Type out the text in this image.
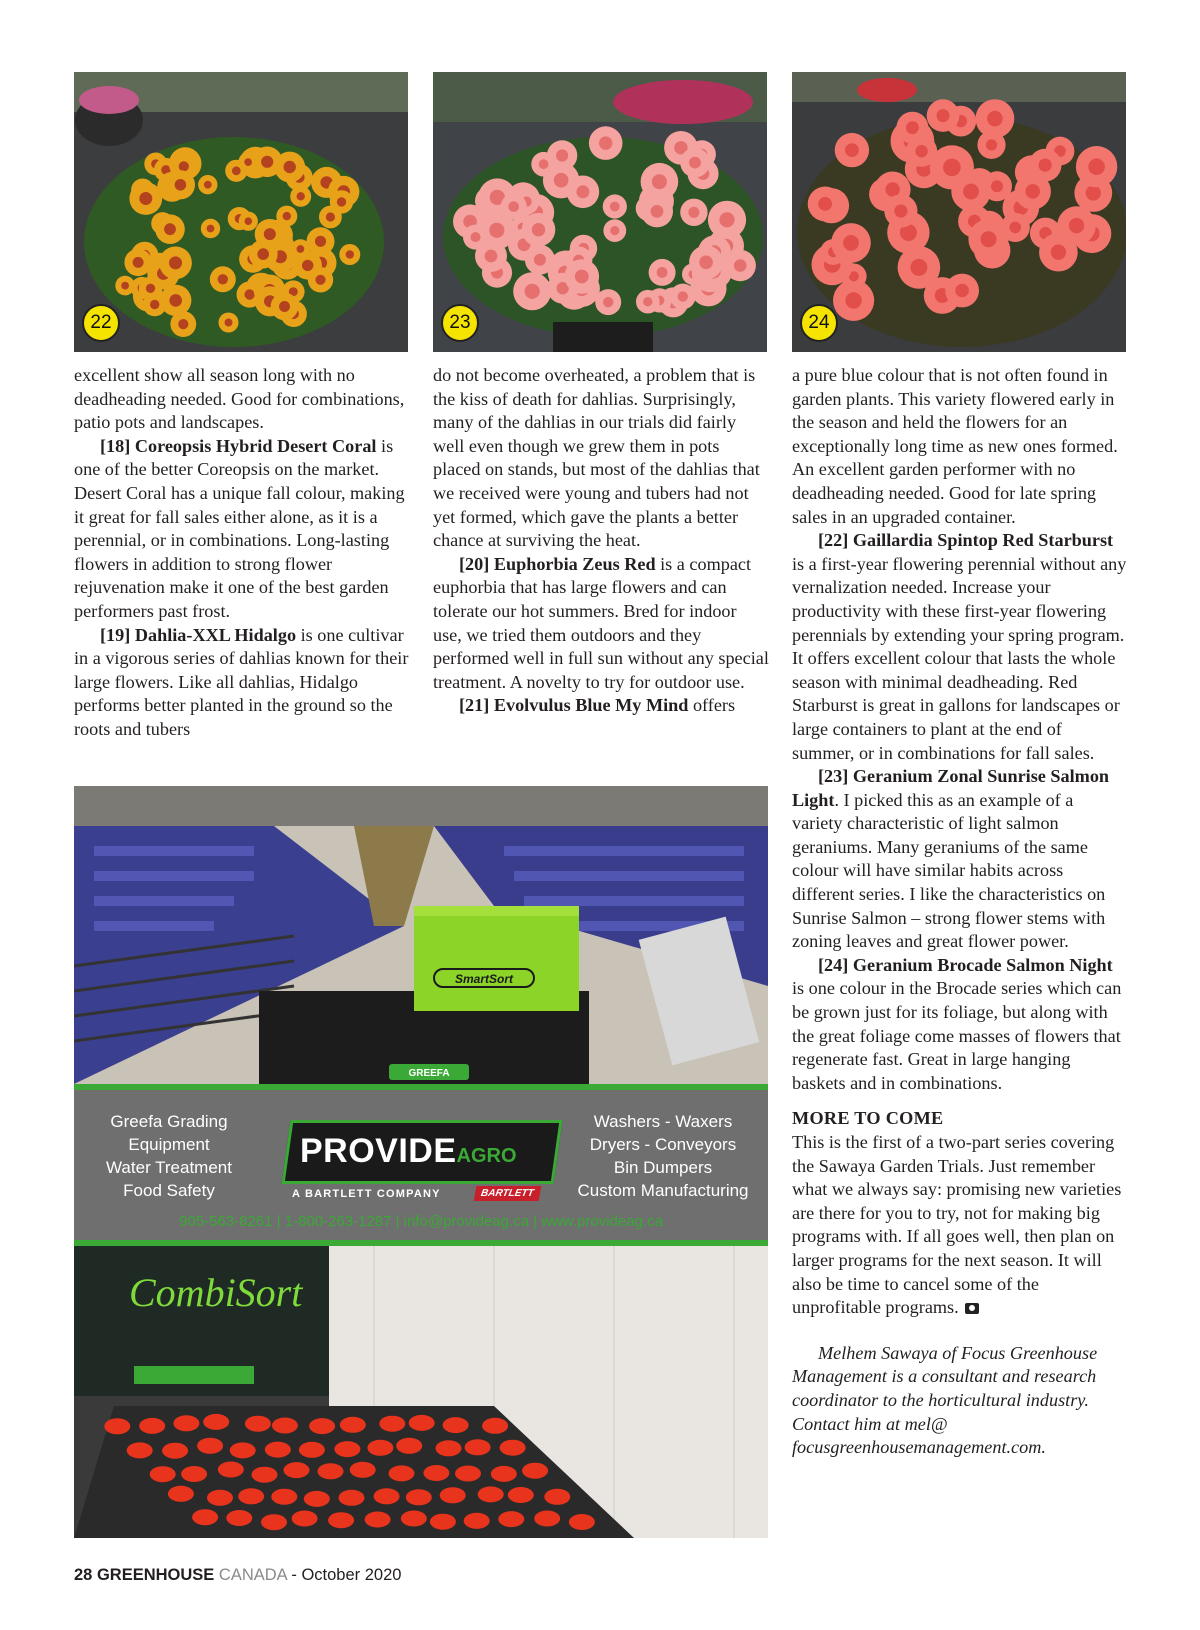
22	23	24

excellent show all season long with no deadheading needed. Good for combinations, patio pots and landscapes.

[18] Coreopsis Hybrid Desert Coral is one of the better Coreopsis on the market. Desert Coral has a unique fall colour, making it great for fall sales either alone, as it is a perennial, or in combinations. Long-lasting flowers in addition to strong flower rejuvenation make it one of the best garden performers past frost.

[19] Dahlia-XXL Hidalgo is one cultivar in a vigorous series of dahlias known for their large flowers. Like all dahlias, Hidalgo performs better planted in the ground so the roots and tubers

do not become overheated, a problem that is the kiss of death for dahlias. Surprisingly, many of the dahlias in our trials did fairly well even though we grew them in pots placed on stands, but most of the dahlias that we received were young and tubers had not yet formed, which gave the plants a better chance at surviving the heat.

[20] Euphorbia Zeus Red is a compact euphorbia that has large flowers and can tolerate our hot summers. Bred for indoor use, we tried them outdoors and they performed well in full sun without any special treatment. A novelty to try for outdoor use.

[21] Evolvulus Blue My Mind offers

a pure blue colour that is not often found in garden plants. This variety flowered early in the season and held the flowers for an exceptionally long time as new ones formed. An excellent garden performer with no deadheading needed. Good for late spring sales in an upgraded container.

[22] Gaillardia Spintop Red Starburst is a first-year flowering perennial without any vernalization needed. Increase your productivity with these first-year flowering perennials by extending your spring program. It offers excellent colour that lasts the whole season with minimal deadheading. Red Starburst is great in gallons for landscapes or large containers to plant at the end of summer, or in combinations for fall sales.

[23] Geranium Zonal Sunrise Salmon Light. I picked this as an example of a variety characteristic of light salmon geraniums. Many geraniums of the same colour will have similar habits across different series. I like the characteristics on Sunrise Salmon – strong flower stems with zoning leaves and great flower power.

[24] Geranium Brocade Salmon Night is one colour in the Brocade series which can be grown just for its foliage, but along with the great foliage come masses of flowers that regenerate fast. Great in large hanging baskets and in combinations.

MORE TO COME

This is the first of a two-part series covering the Sawaya Garden Trials. Just remember what we always say: promising new varieties are there for you to try, not for making big programs with. If all goes well, then plan on larger programs for the next season. It will also be time to cancel some of the unprofitable programs.

Melhem Sawaya of Focus Greenhouse Management is a consultant and research coordinator to the horticultural industry. Contact him at mel@ focusgreenhousemanagement.com.

SmartSort
GREEFA
Greefa Grading
Equipment
Water Treatment
Food Safety
PROVIDEAGRO
A BARTLETT COMPANY	BARTLETT
Washers - Waxers
Dryers - Conveyors
Bin Dumpers
Custom Manufacturing
905-563-8261 | 1-800-263-1287 | info@provideag.ca | www.provideag.ca
CombiSort
28 GREENHOUSE CANADA - October 2020
